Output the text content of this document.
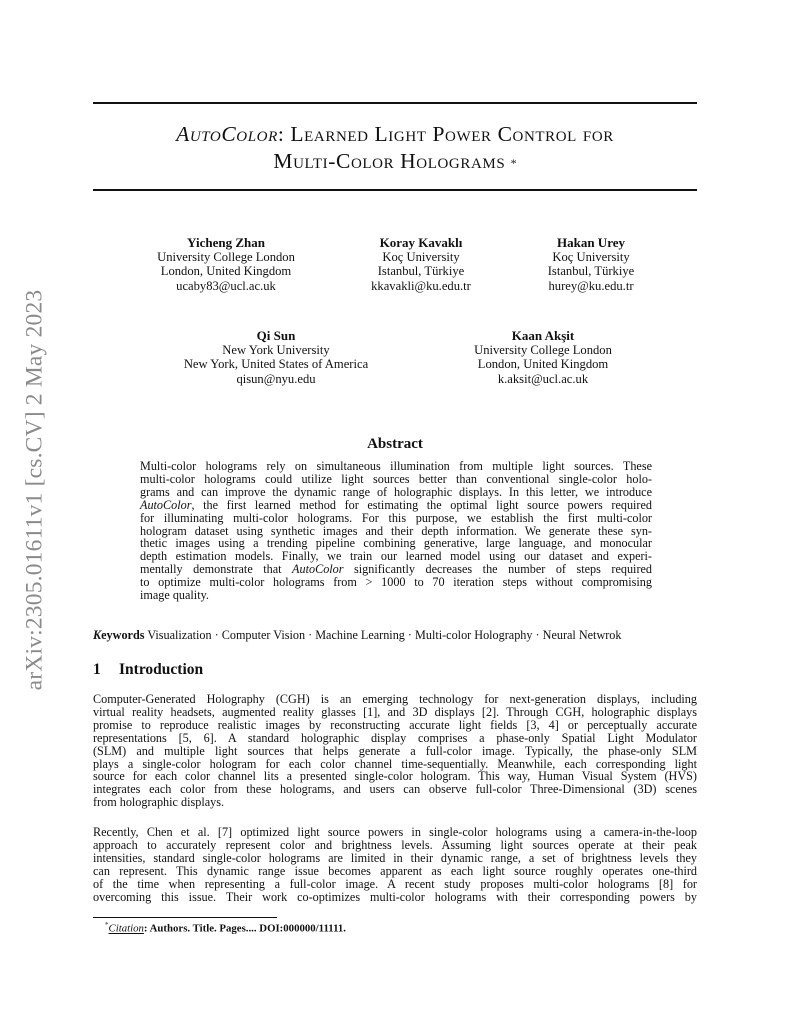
arXiv:2305.01611v1 [cs.CV] 2 May 2023
AutoColor: Learned Light Power Control for
Multi-Color Holograms *
Yicheng Zhan
University College London
London, United Kingdom
ucaby83@ucl.ac.uk
Koray Kavaklı
Koç University
Istanbul, Türkiye
kkavakli@ku.edu.tr
Hakan Urey
Koç University
Istanbul, Türkiye
hurey@ku.edu.tr
Qi Sun
New York University
New York, United States of America
qisun@nyu.edu
Kaan Akşit
University College London
London, United Kingdom
k.aksit@ucl.ac.uk
Abstract
Multi-color holograms rely on simultaneous illumination from multiple light sources. These
multi-color holograms could utilize light sources better than conventional single-color holo-
grams and can improve the dynamic range of holographic displays. In this letter, we introduce
AutoColor, the first learned method for estimating the optimal light source powers required
for illuminating multi-color holograms. For this purpose, we establish the first multi-color
hologram dataset using synthetic images and their depth information. We generate these syn-
thetic images using a trending pipeline combining generative, large language, and monocular
depth estimation models. Finally, we train our learned model using our dataset and experi-
mentally demonstrate that AutoColor significantly decreases the number of steps required
to optimize multi-color holograms from > 1000 to 70 iteration steps without compromising
image quality.
Keywords Visualization · Computer Vision · Machine Learning · Multi-color Holography · Neural Netwrok
1 Introduction
Computer-Generated Holography (CGH) is an emerging technology for next-generation displays, including
virtual reality headsets, augmented reality glasses [1], and 3D displays [2]. Through CGH, holographic displays
promise to reproduce realistic images by reconstructing accurate light fields [3, 4] or perceptually accurate
representations [5, 6]. A standard holographic display comprises a phase-only Spatial Light Modulator
(SLM) and multiple light sources that helps generate a full-color image. Typically, the phase-only SLM
plays a single-color hologram for each color channel time-sequentially. Meanwhile, each corresponding light
source for each color channel lits a presented single-color hologram. This way, Human Visual System (HVS)
integrates each color from these holograms, and users can observe full-color Three-Dimensional (3D) scenes
from holographic displays.
Recently, Chen et al. [7] optimized light source powers in single-color holograms using a camera-in-the-loop
approach to accurately represent color and brightness levels. Assuming light sources operate at their peak
intensities, standard single-color holograms are limited in their dynamic range, a set of brightness levels they
can represent. This dynamic range issue becomes apparent as each light source roughly operates one-third
of the time when representing a full-color image. A recent study proposes multi-color holograms [8] for
overcoming this issue. Their work co-optimizes multi-color holograms with their corresponding powers by
*Citation: Authors. Title. Pages.... DOI:000000/11111.
